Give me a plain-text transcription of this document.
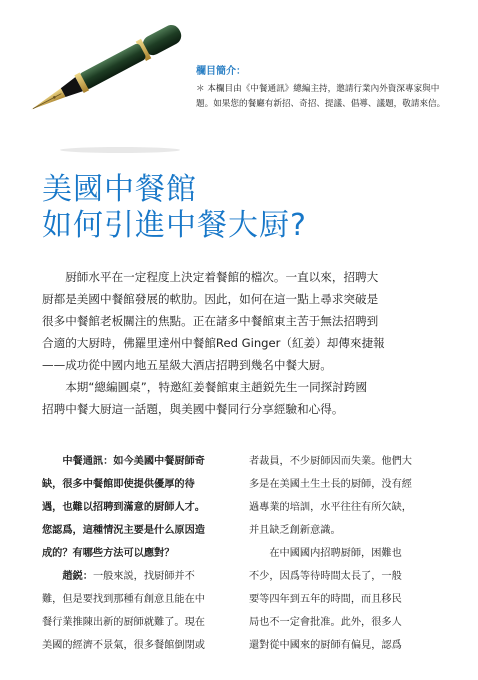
欄目簡介：
＊ 本欄目由《中餐通訊》總編主持，邀請行業內外資深專家與中
題。如果您的餐廳有新招、奇招、提議、倡導、議題，敬請來信。
美國中餐館
如何引進中餐大厨?
　　厨師水平在一定程度上決定着餐館的檔次。一直以來，招聘大
厨都是美國中餐館發展的軟肋。因此，如何在這一點上尋求突破是
很多中餐館老板關注的焦點。正在諸多中餐館東主苦于無法招聘到
合適的大厨時，佛羅里達州中餐館Red Ginger（紅姜）却傳來捷報
——成功從中國内地五星級大酒店招聘到幾名中餐大厨。
　　本期“總編圓桌”，特邀紅姜餐館東主趙鋭先生一同探討跨國
招聘中餐大厨這一話題，與美國中餐同行分享經驗和心得。
　　中餐通訊：如今美國中餐厨師奇
缺，很多中餐館即使提供優厚的待
遇，也難以招聘到滿意的厨師人才。
您認爲，這種情況主要是什么原因造
成的？有哪些方法可以應對？
　　趙鋭：一般來説，找厨師并不
難，但是要找到那種有創意且能在中
餐行業推陳出新的厨師就難了。現在
美國的經濟不景氣，很多餐館倒閉或
者裁員，不少厨師因而失業。他們大
多是在美國土生土長的厨師，没有經
過專業的培訓，水平往往有所欠缺，
并且缺乏創新意識。
　　在中國國内招聘厨師，困難也
不少，因爲等待時間太長了，一般
要等四年到五年的時間，而且移民
局也不一定會批准。此外，很多人
還對從中國來的厨師有偏見，認爲
